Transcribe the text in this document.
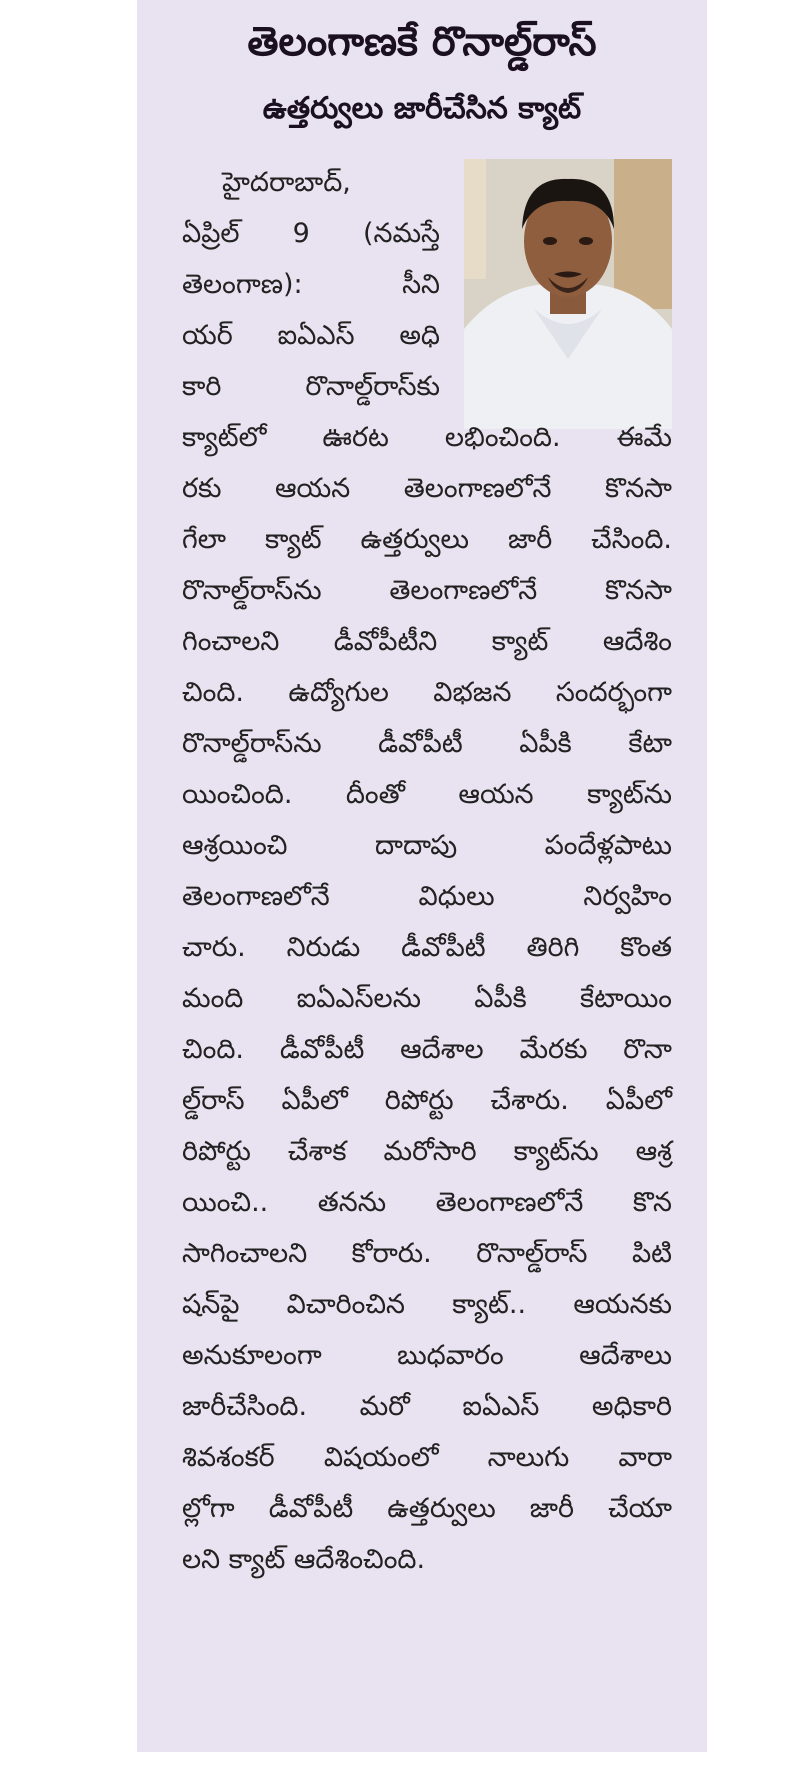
తెలంగాణకే రొనాల్డ్‌రాస్
ఉత్తర్వులు జారీచేసిన క్యాట్
హైదరాబాద్,
ఏప్రిల్ 9 (నమస్తే
తెలంగాణ): సీని
యర్ ఐఏఎస్ అధి
కారి రొనాల్డ్‌రాస్‌కు
క్యాట్‌లో ఊరట లభించింది. ఈమే
రకు ఆయన తెలంగాణలోనే కొనసా
గేలా క్యాట్ ఉత్తర్వులు జారీ చేసింది.
రొనాల్డ్‌రాస్‌ను తెలంగాణలోనే కొనసా
గించాలని డీవోపీటీని క్యాట్ ఆదేశిం
చింది. ఉద్యోగుల విభజన సందర్భంగా
రొనాల్డ్‌రాస్‌ను డీవోపీటీ ఏపీకి కేటా
యించింది. దీంతో ఆయన క్యాట్‌ను
ఆశ్రయించి దాదాపు పందేళ్లపాటు
తెలంగాణలోనే విధులు నిర్వహిం
చారు. నిరుడు డీవోపీటీ తిరిగి కొంత
మంది ఐఏఎస్‌లను ఏపీకి కేటాయిం
చింది. డీవోపీటీ ఆదేశాల మేరకు రొనా
ల్డ్‌రాస్ ఏపీలో రిపోర్టు చేశారు. ఏపీలో
రిపోర్టు చేశాక మరోసారి క్యాట్‌ను ఆశ్ర
యించి.. తనను తెలంగాణలోనే కొన
సాగించాలని కోరారు. రొనాల్డ్‌రాస్ పిటి
షన్‌పై విచారించిన క్యాట్.. ఆయనకు
అనుకూలంగా బుధవారం ఆదేశాలు
జారీచేసింది. మరో ఐఏఎస్ అధికారి
శివశంకర్ విషయంలో నాలుగు వారా
ల్లోగా డీవోపీటీ ఉత్తర్వులు జారీ చేయా
లని క్యాట్ ఆదేశించింది.
